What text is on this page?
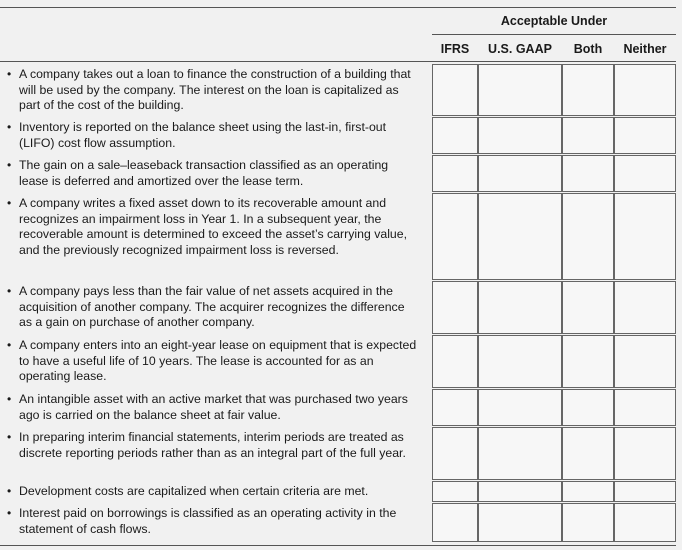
Acceptable Under
IFRS	U.S. GAAP	Both	Neither
• A company takes out a loan to finance the construction of a building that will be used by the company. The interest on the loan is capitalized as part of the cost of the building.
• Inventory is reported on the balance sheet using the last-in, first-out (LIFO) cost flow assumption.
• The gain on a sale–leaseback transaction classified as an operating lease is deferred and amortized over the lease term.
• A company writes a fixed asset down to its recoverable amount and recognizes an impairment loss in Year 1. In a subsequent year, the recoverable amount is determined to exceed the asset’s carrying value, and the previously recognized impairment loss is reversed.
• A company pays less than the fair value of net assets acquired in the acquisition of another company. The acquirer recognizes the difference as a gain on purchase of another company.
• A company enters into an eight-year lease on equipment that is expected to have a useful life of 10 years. The lease is accounted for as an operating lease.
• An intangible asset with an active market that was purchased two years ago is carried on the balance sheet at fair value.
• In preparing interim financial statements, interim periods are treated as discrete reporting periods rather than as an integral part of the full year.
• Development costs are capitalized when certain criteria are met.
• Interest paid on borrowings is classified as an operating activity in the statement of cash flows.
